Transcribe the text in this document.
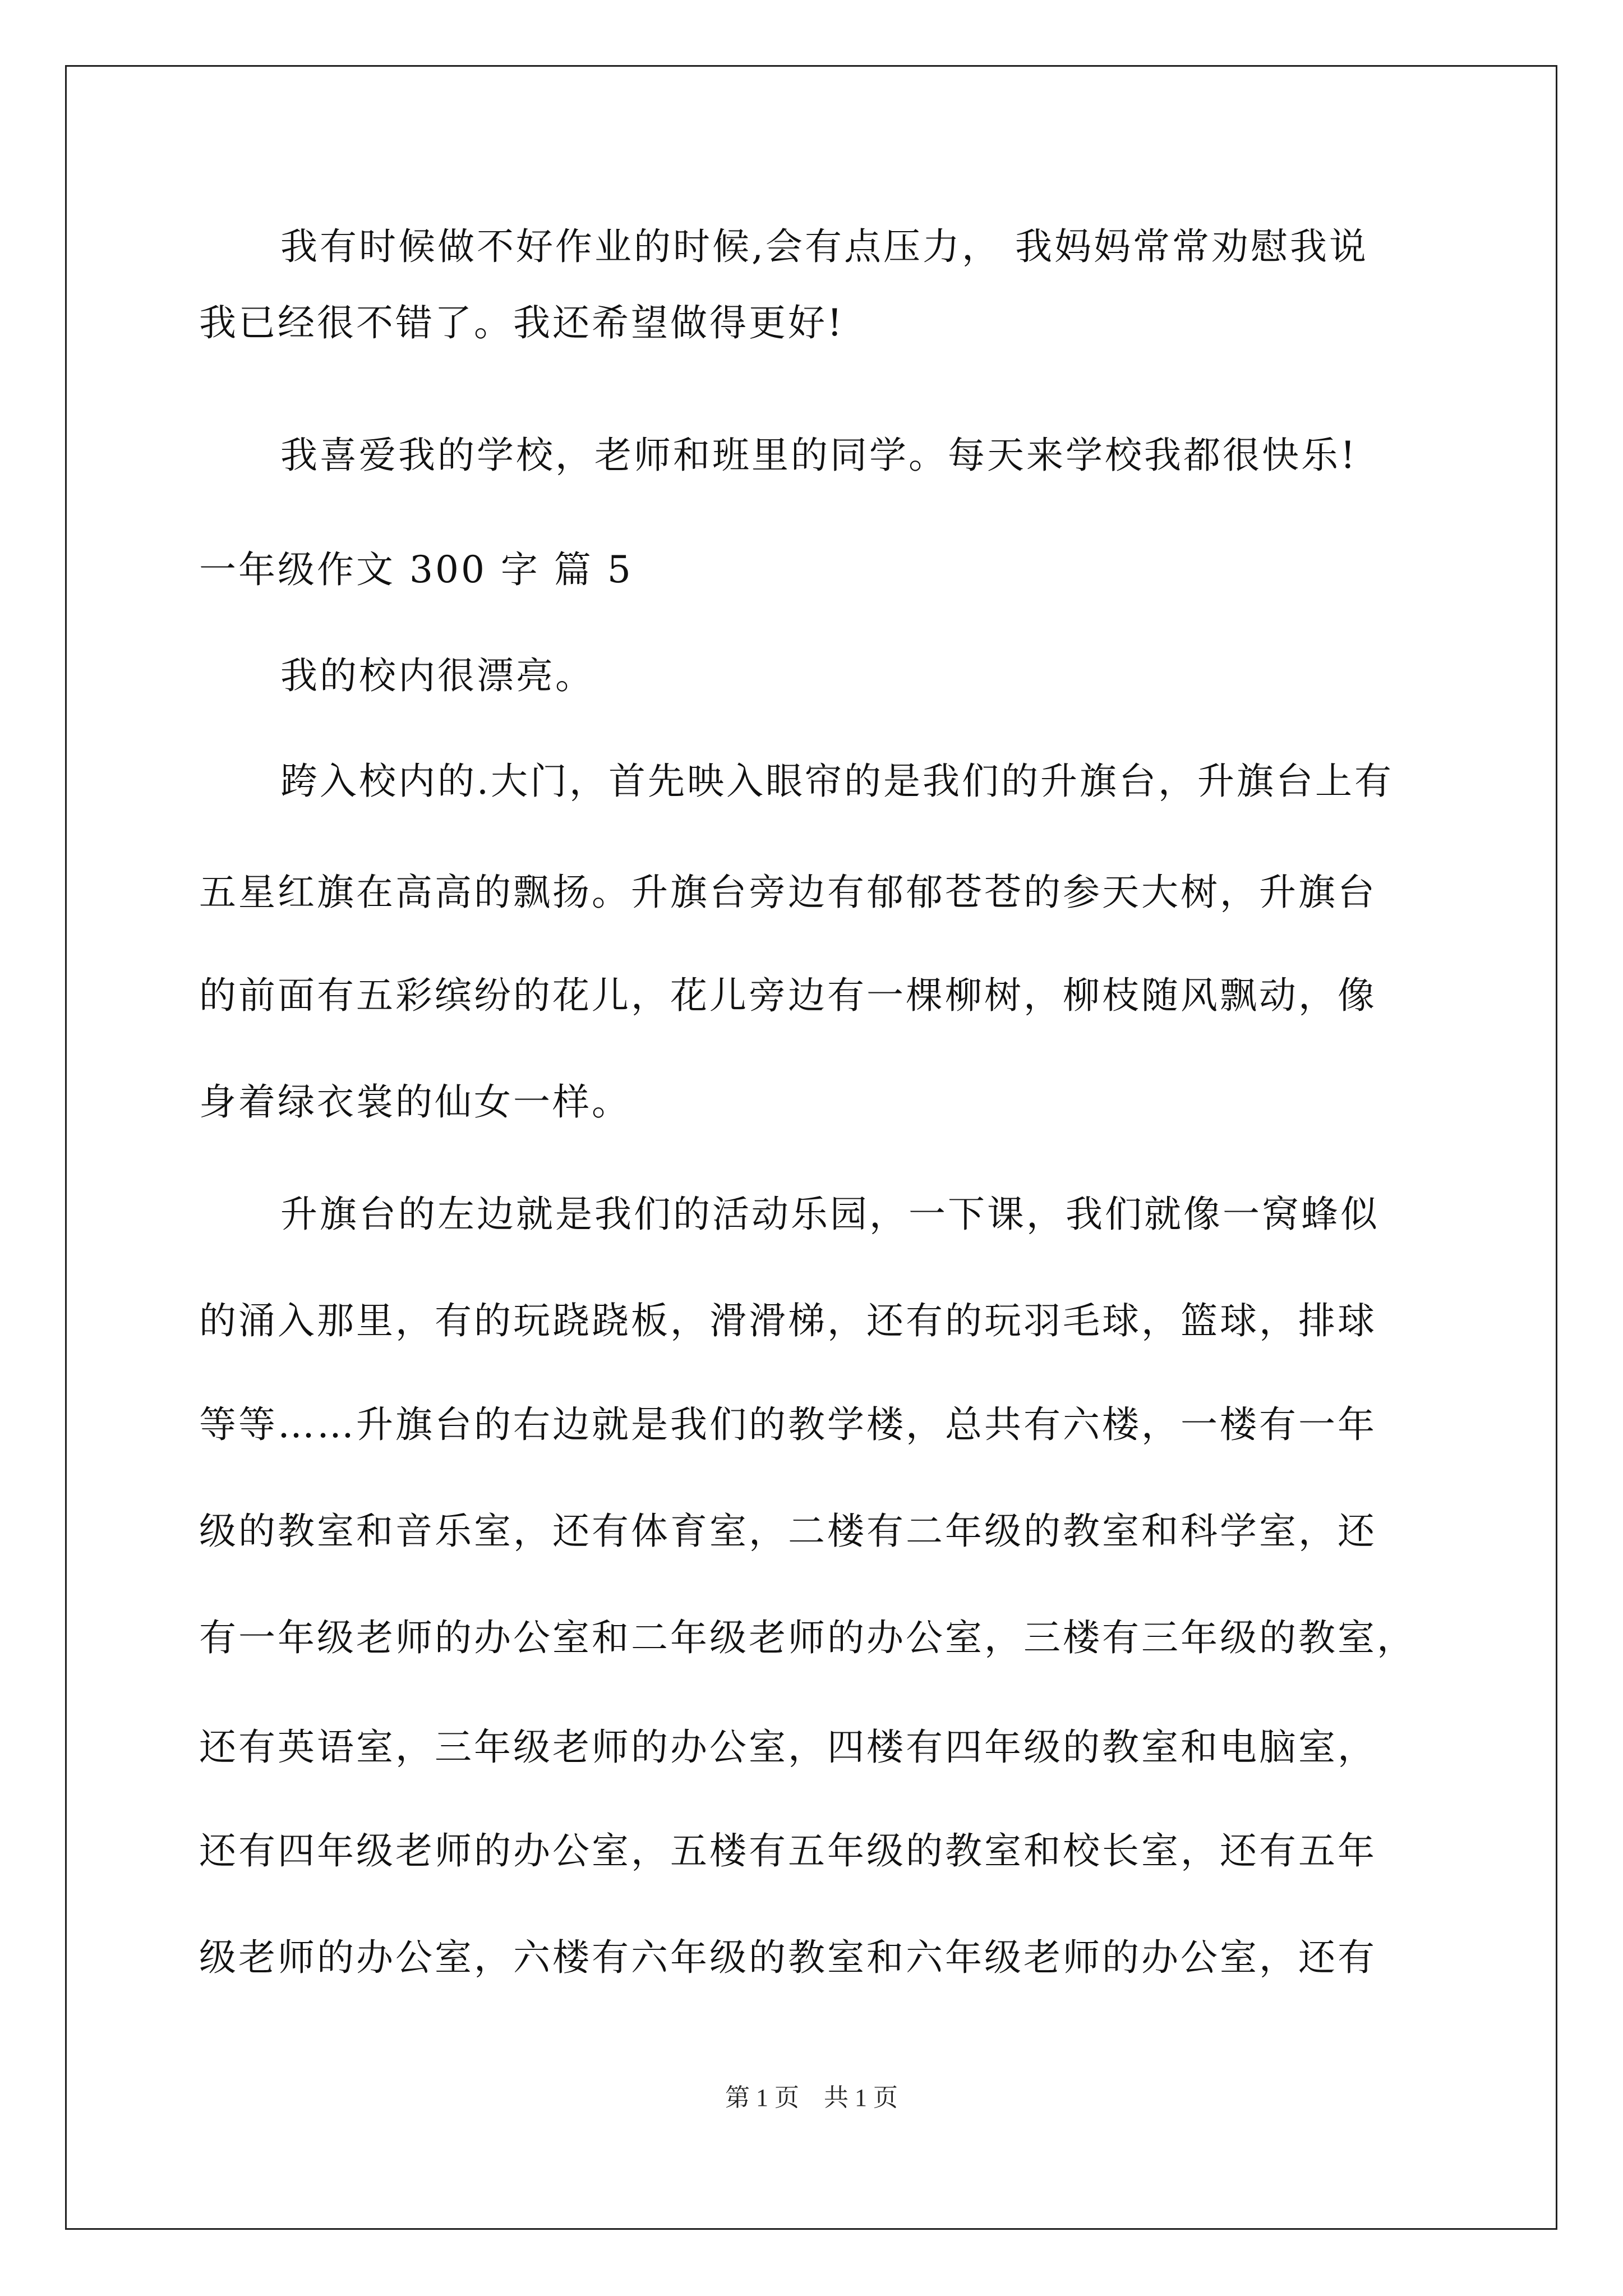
我有时候做不好作业的时候,会有点压力， 我妈妈常常劝慰我说
我已经很不错了。我还希望做得更好!
我喜爱我的学校，老师和班里的同学。每天来学校我都很快乐!
一年级作文 300 字 篇 5
我的校内很漂亮。
跨入校内的.大门，首先映入眼帘的是我们的升旗台，升旗台上有
五星红旗在高高的飘扬。升旗台旁边有郁郁苍苍的参天大树，升旗台
的前面有五彩缤纷的花儿，花儿旁边有一棵柳树，柳枝随风飘动，像
身着绿衣裳的仙女一样。
升旗台的左边就是我们的活动乐园，一下课，我们就像一窝蜂似
的涌入那里，有的玩跷跷板，滑滑梯，还有的玩羽毛球，篮球，排球
等等……升旗台的右边就是我们的教学楼，总共有六楼，一楼有一年
级的教室和音乐室，还有体育室，二楼有二年级的教室和科学室，还
有一年级老师的办公室和二年级老师的办公室，三楼有三年级的教室，
还有英语室，三年级老师的办公室，四楼有四年级的教室和电脑室，
还有四年级老师的办公室，五楼有五年级的教室和校长室，还有五年
级老师的办公室，六楼有六年级的教室和六年级老师的办公室，还有
第 1 页 共 1 页
